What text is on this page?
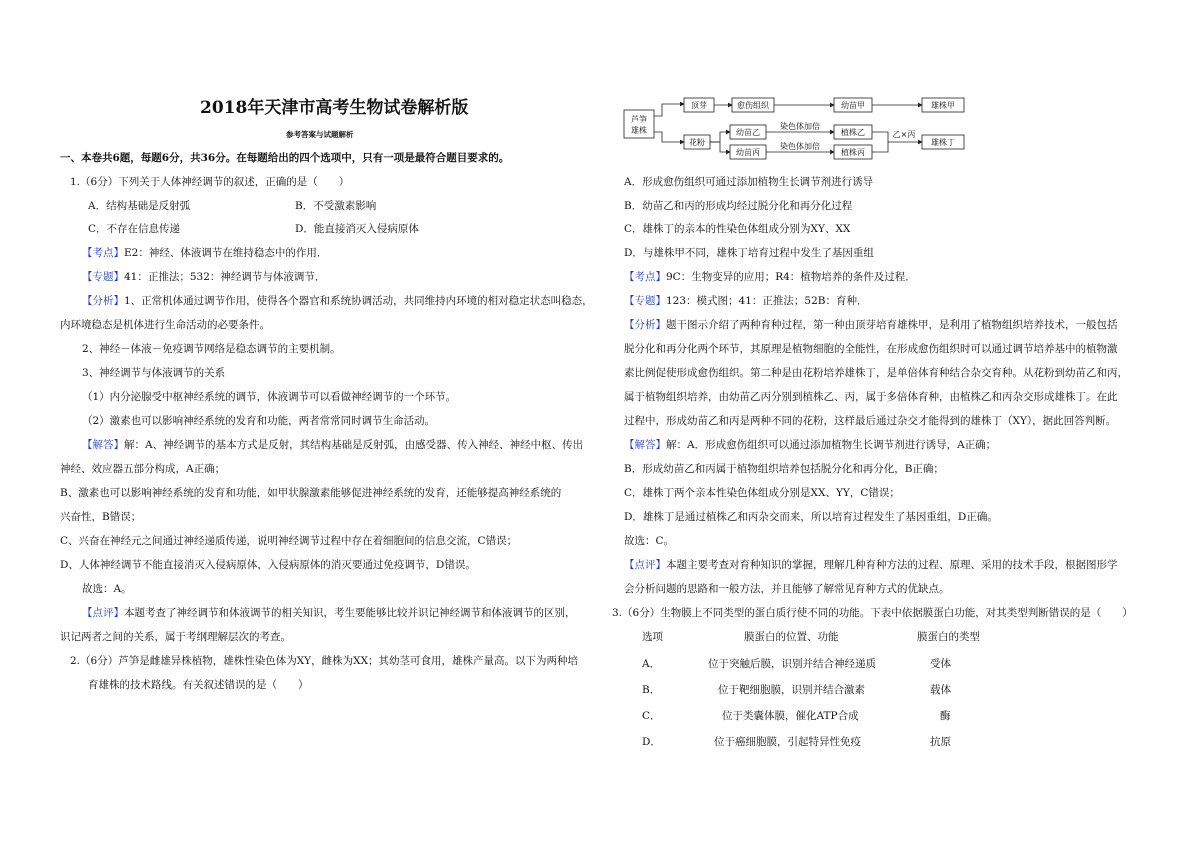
2018年天津市高考生物试卷解析版
参考答案与试题解析
一、本卷共6题，每题6分，共36分。在每题给出的四个选项中，只有一项是最符合题目要求的。
1.（6分）下列关于人体神经调节的叙述，正确的是（　　）
A．结构基础是反射弧	B．不受激素影响
C．不存在信息传递	D．能直接消灭入侵病原体
【考点】E2：神经、体液调节在维持稳态中的作用．
【专题】41：正推法；532：神经调节与体液调节．
【分析】1、正常机体通过调节作用，使得各个器官和系统协调活动，共同维持内环境的相对稳定状态叫稳态，
内环境稳态是机体进行生命活动的必要条件。
2、神经－体液－免疫调节网络是稳态调节的主要机制。
3、神经调节与体液调节的关系
（1）内分泌腺受中枢神经系统的调节，体液调节可以看做神经调节的一个环节。
（2）激素也可以影响神经系统的发育和功能，两者常常同时调节生命活动。
【解答】解：A、神经调节的基本方式是反射，其结构基础是反射弧，由感受器、传入神经、神经中枢、传出
神经、效应器五部分构成，A正确；
B、激素也可以影响神经系统的发育和功能，如甲状腺激素能够促进神经系统的发育，还能够提高神经系统的
兴奋性，B错误；
C、兴奋在神经元之间通过神经递质传递，说明神经调节过程中存在着细胞间的信息交流，C错误；
D、人体神经调节不能直接消灭入侵病原体，入侵病原体的消灭要通过免疫调节，D错误。
故选：A。
【点评】本题考查了神经调节和体液调节的相关知识，考生要能够比较并识记神经调节和体液调节的区别，
识记两者之间的关系，属于考纲理解层次的考查。
2.（6分）芦笋是雌雄异株植物，雄株性染色体为XY，雌株为XX；其幼茎可食用，雄株产量高。以下为两种培
育雄株的技术路线。有关叙述错误的是（　　）
芦笋
雄株
顶芽	愈伤组织	幼苗甲	雄株甲
花粉
幼苗乙
幼苗丙
染色体加倍
染色体加倍
植株乙
植株丙
乙×丙
雄株丁
A．形成愈伤组织可通过添加植物生长调节剂进行诱导
B．幼苗乙和丙的形成均经过脱分化和再分化过程
C．雄株丁的亲本的性染色体组成分别为XY、XX
D．与雄株甲不同，雄株丁培育过程中发生了基因重组
【考点】9C：生物变异的应用；R4：植物培养的条件及过程．
【专题】123：模式图；41：正推法；52B：育种．
【分析】题干图示介绍了两种育种过程，第一种由顶芽培育雄株甲，是利用了植物组织培养技术，一般包括
脱分化和再分化两个环节，其原理是植物细胞的全能性，在形成愈伤组织时可以通过调节培养基中的植物激
素比例促使形成愈伤组织。第二种是由花粉培养雄株丁，是单倍体育种结合杂交育种。从花粉到幼苗乙和丙，
属于植物组织培养，由幼苗乙丙分别到植株乙、丙，属于多倍体育种，由植株乙和丙杂交形成雄株丁。在此
过程中，形成幼苗乙和丙是两种不同的花粉，这样最后通过杂交才能得到的雄株丁（XY），据此回答判断。
【解答】解：A．形成愈伤组织可以通过添加植物生长调节剂进行诱导，A正确；
B．形成幼苗乙和丙属于植物组织培养包括脱分化和再分化，B正确；
C．雄株丁两个亲本性染色体组成分别是XX、YY，C错误；
D．雄株丁是通过植株乙和丙杂交而来，所以培育过程发生了基因重组，D正确。
故选：C。
【点评】本题主要考查对育种知识的掌握，理解几种育种方法的过程、原理、采用的技术手段，根据图形学
会分析问题的思路和一般方法，并且能够了解常见育种方式的优缺点。
3.（6分）生物膜上不同类型的蛋白质行使不同的功能。下表中依据膜蛋白功能，对其类型判断错误的是（　　）
选项	膜蛋白的位置、功能	膜蛋白的类型
A．	位于突触后膜，识别并结合神经递质	受体
B．	位于靶细胞膜，识别并结合激素	载体
C．	位于类囊体膜，催化ATP合成	酶
D．	位于癌细胞膜，引起特异性免疫	抗原
